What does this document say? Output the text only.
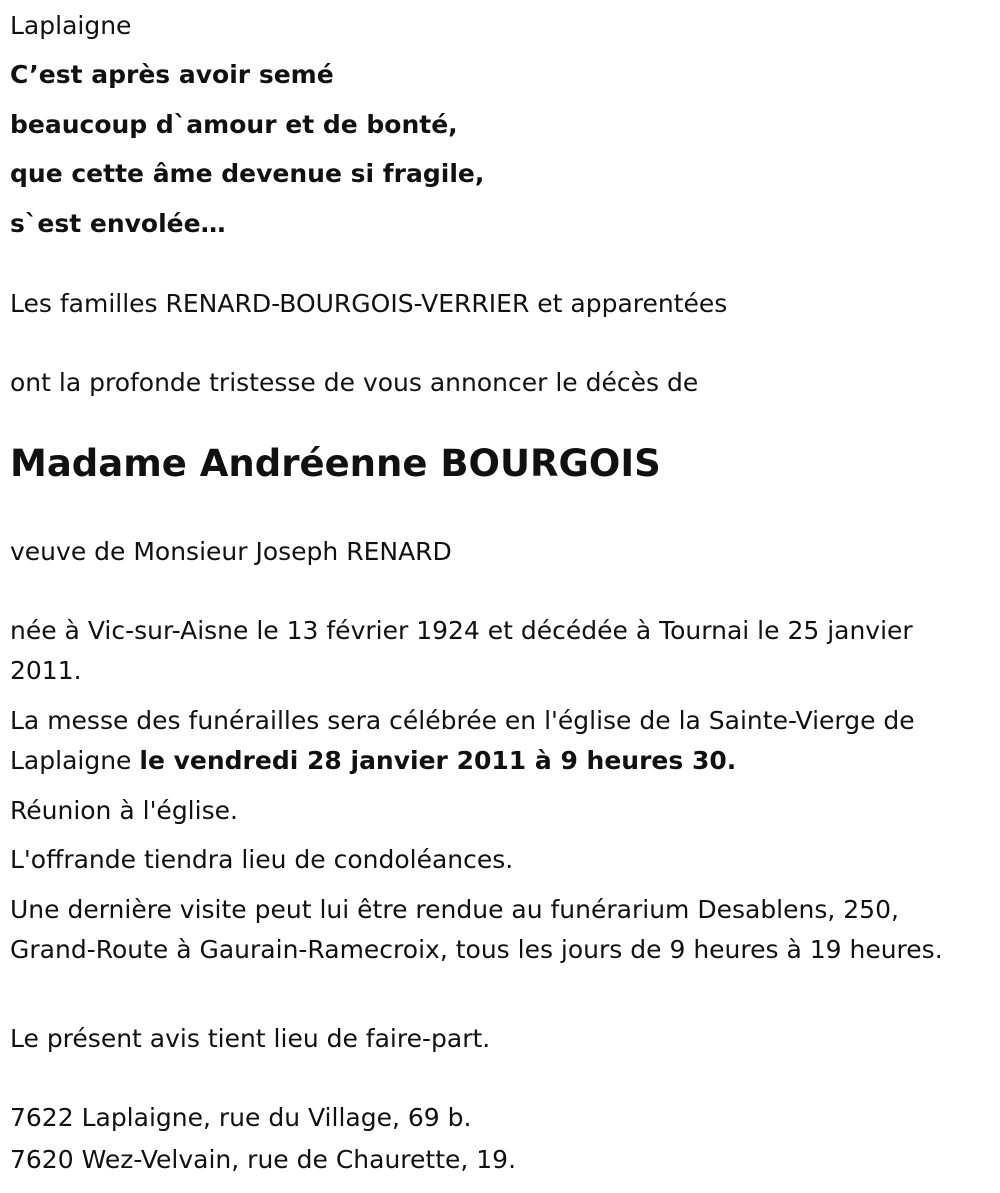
Laplaigne

C’est après avoir semé

beaucoup d`amour et de bonté,

que cette âme devenue si fragile,

s`est envolée…

Les familles RENARD-BOURGOIS-VERRIER et apparentées

ont la profonde tristesse de vous annoncer le décès de

Madame Andréenne BOURGOIS

veuve de Monsieur Joseph RENARD

née à Vic-sur-Aisne le 13 février 1924 et décédée à Tournai le 25 janvier 2011.

La messe des funérailles sera célébrée en l'église de la Sainte-Vierge de Laplaigne le vendredi 28 janvier 2011 à 9 heures 30.

Réunion à l'église.

L'offrande tiendra lieu de condoléances.

Une dernière visite peut lui être rendue au funérarium Desablens, 250, Grand-Route à Gaurain-Ramecroix, tous les jours de 9 heures à 19 heures.

Le présent avis tient lieu de faire-part.

7622 Laplaigne, rue du Village, 69 b.

7620 Wez-Velvain, rue de Chaurette, 19.
